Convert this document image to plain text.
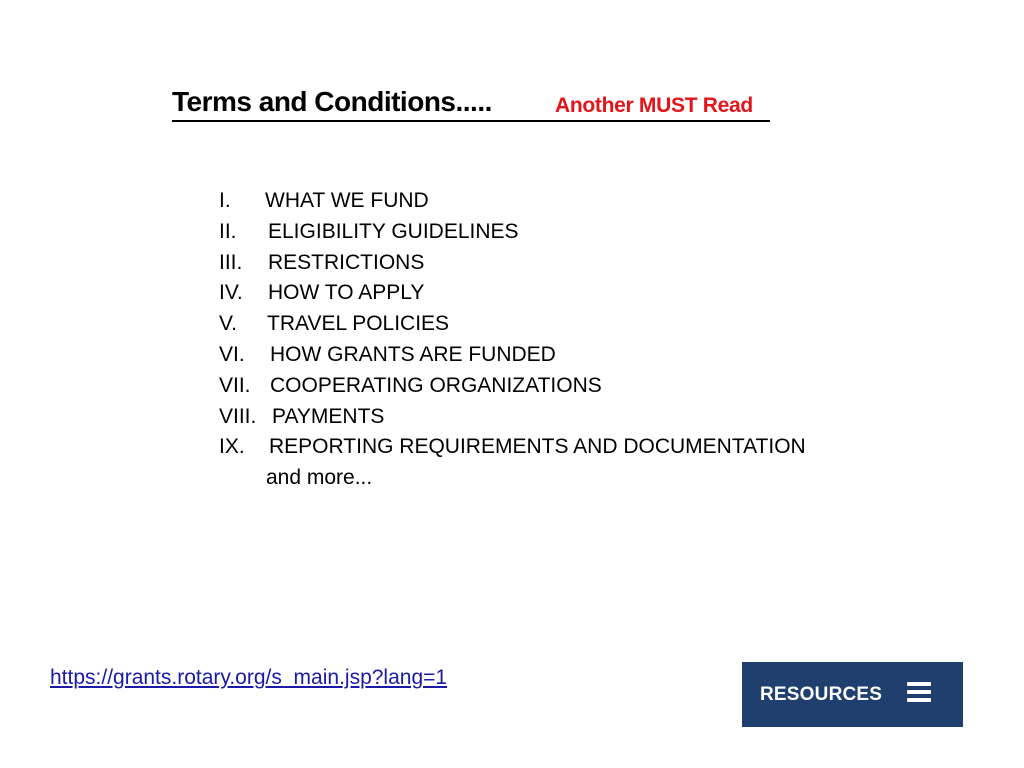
Terms and Conditions.....	Another MUST Read
I. WHAT WE FUND
II. ELIGIBILITY GUIDELINES
III. RESTRICTIONS
IV. HOW TO APPLY
V. TRAVEL POLICIES
VI. HOW GRANTS ARE FUNDED
VII. COOPERATING ORGANIZATIONS
VIII. PAYMENTS
IX. REPORTING REQUIREMENTS AND DOCUMENTATION
and more...
https://grants.rotary.org/s_main.jsp?lang=1
RESOURCES
